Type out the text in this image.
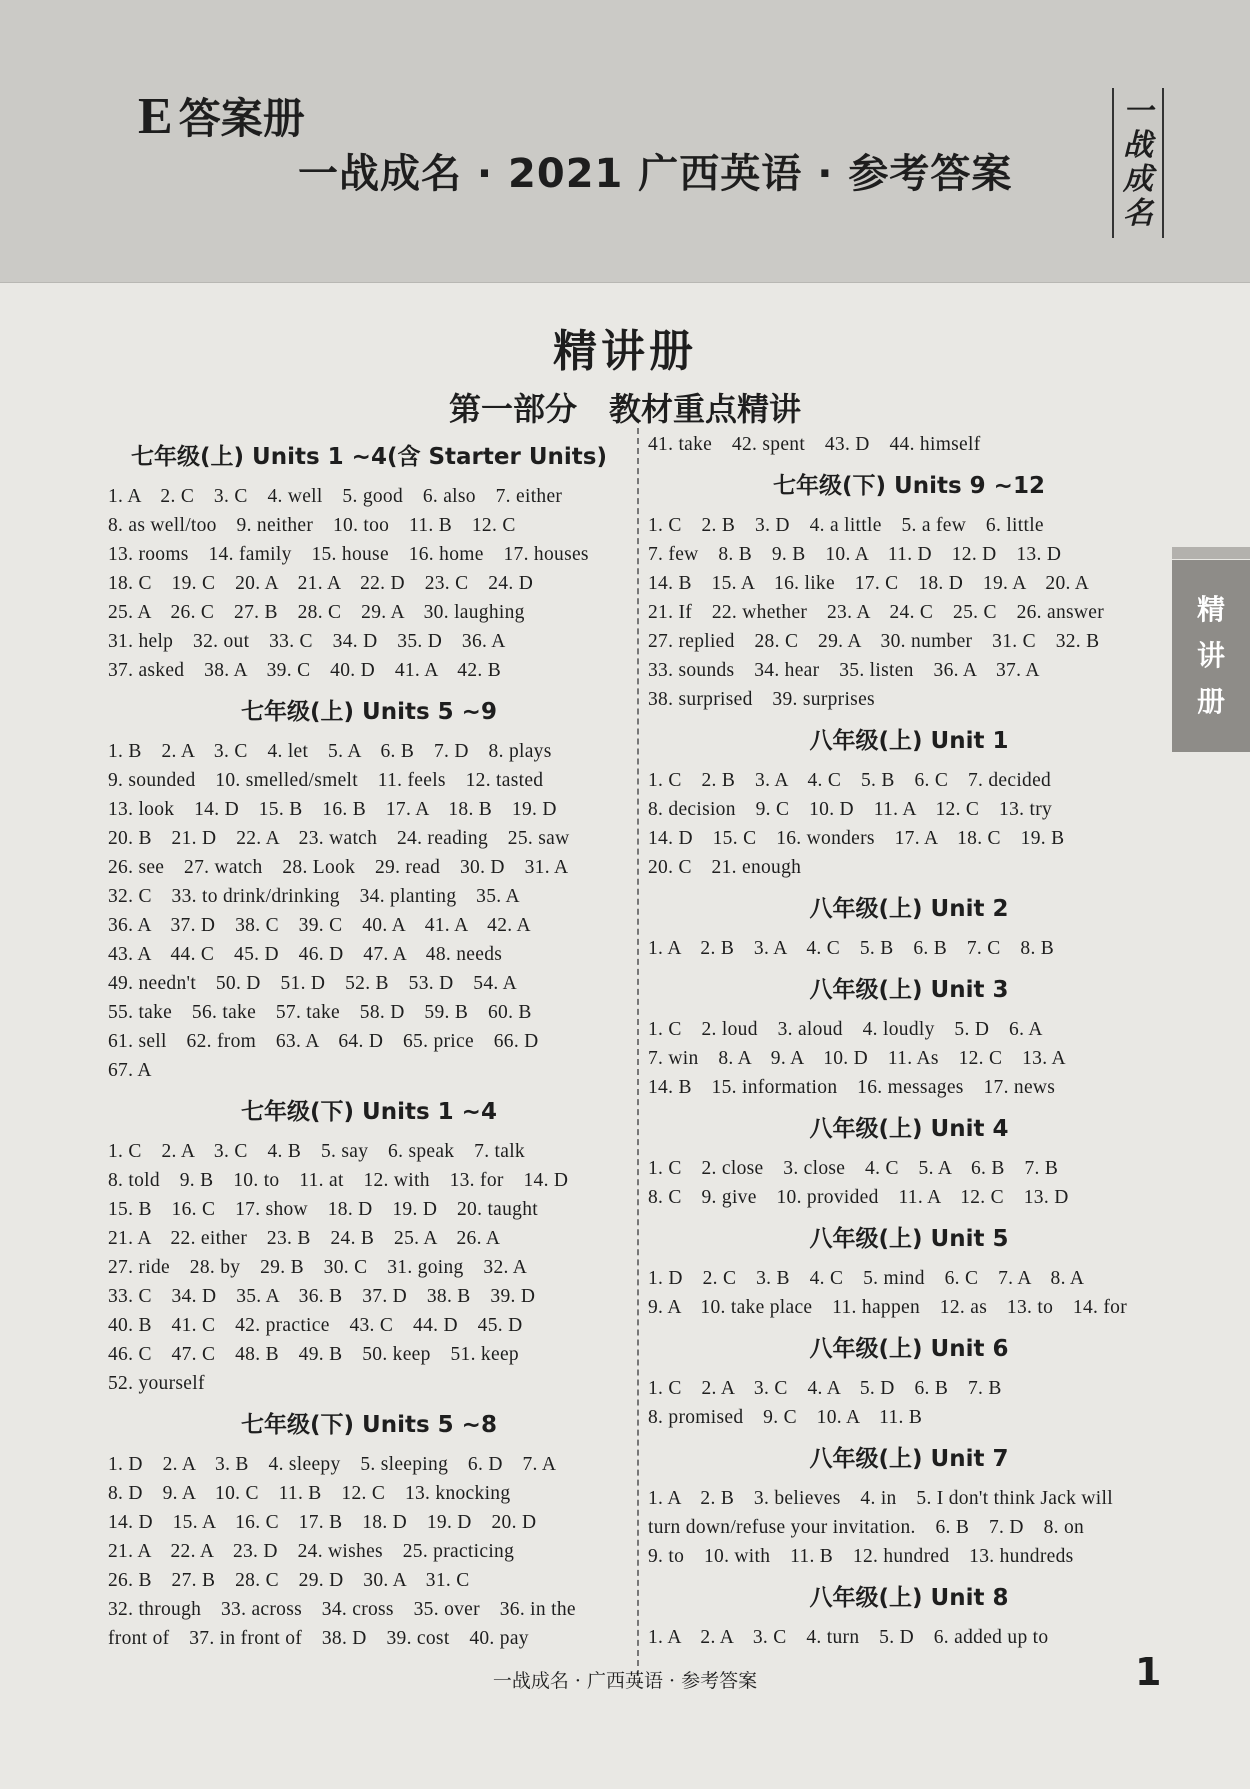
E 答案册
一战成名 · 2021 广西英语 · 参考答案
一
战
成
名
精讲册
第一部分　教材重点精讲
七年级(上) Units 1 ~4(含 Starter Units)
1. A　2. C　3. C　4. well　5. good　6. also　7. either
8. as well/too　9. neither　10. too　11. B　12. C
13. rooms　14. family　15. house　16. home　17. houses
18. C　19. C　20. A　21. A　22. D　23. C　24. D
25. A　26. C　27. B　28. C　29. A　30. laughing
31. help　32. out　33. C　34. D　35. D　36. A
37. asked　38. A　39. C　40. D　41. A　42. B
七年级(上) Units 5 ~9
1. B　2. A　3. C　4. let　5. A　6. B　7. D　8. plays
9. sounded　10. smelled/smelt　11. feels　12. tasted
13. look　14. D　15. B　16. B　17. A　18. B　19. D
20. B　21. D　22. A　23. watch　24. reading　25. saw
26. see　27. watch　28. Look　29. read　30. D　31. A
32. C　33. to drink/drinking　34. planting　35. A
36. A　37. D　38. C　39. C　40. A　41. A　42. A
43. A　44. C　45. D　46. D　47. A　48. needs
49. needn't　50. D　51. D　52. B　53. D　54. A
55. take　56. take　57. take　58. D　59. B　60. B
61. sell　62. from　63. A　64. D　65. price　66. D
67. A
七年级(下) Units 1 ~4
1. C　2. A　3. C　4. B　5. say　6. speak　7. talk
8. told　9. B　10. to　11. at　12. with　13. for　14. D
15. B　16. C　17. show　18. D　19. D　20. taught
21. A　22. either　23. B　24. B　25. A　26. A
27. ride　28. by　29. B　30. C　31. going　32. A
33. C　34. D　35. A　36. B　37. D　38. B　39. D
40. B　41. C　42. practice　43. C　44. D　45. D
46. C　47. C　48. B　49. B　50. keep　51. keep
52. yourself
七年级(下) Units 5 ~8
1. D　2. A　3. B　4. sleepy　5. sleeping　6. D　7. A
8. D　9. A　10. C　11. B　12. C　13. knocking
14. D　15. A　16. C　17. B　18. D　19. D　20. D
21. A　22. A　23. D　24. wishes　25. practicing
26. B　27. B　28. C　29. D　30. A　31. C
32. through　33. across　34. cross　35. over　36. in the
front of　37. in front of　38. D　39. cost　40. pay
41. take　42. spent　43. D　44. himself
七年级(下) Units 9 ~12
1. C　2. B　3. D　4. a little　5. a few　6. little
7. few　8. B　9. B　10. A　11. D　12. D　13. D
14. B　15. A　16. like　17. C　18. D　19. A　20. A
21. If　22. whether　23. A　24. C　25. C　26. answer
27. replied　28. C　29. A　30. number　31. C　32. B
33. sounds　34. hear　35. listen　36. A　37. A
38. surprised　39. surprises
八年级(上) Unit 1
1. C　2. B　3. A　4. C　5. B　6. C　7. decided
8. decision　9. C　10. D　11. A　12. C　13. try
14. D　15. C　16. wonders　17. A　18. C　19. B
20. C　21. enough
八年级(上) Unit 2
1. A　2. B　3. A　4. C　5. B　6. B　7. C　8. B
八年级(上) Unit 3
1. C　2. loud　3. aloud　4. loudly　5. D　6. A
7. win　8. A　9. A　10. D　11. As　12. C　13. A
14. B　15. information　16. messages　17. news
八年级(上) Unit 4
1. C　2. close　3. close　4. C　5. A　6. B　7. B
8. C　9. give　10. provided　11. A　12. C　13. D
八年级(上) Unit 5
1. D　2. C　3. B　4. C　5. mind　6. C　7. A　8. A
9. A　10. take place　11. happen　12. as　13. to　14. for
八年级(上) Unit 6
1. C　2. A　3. C　4. A　5. D　6. B　7. B
8. promised　9. C　10. A　11. B
八年级(上) Unit 7
1. A　2. B　3. believes　4. in　5. I don't think Jack will
turn down/refuse your invitation.　6. B　7. D　8. on
9. to　10. with　11. B　12. hundred　13. hundreds
八年级(上) Unit 8
1. A　2. A　3. C　4. turn　5. D　6. added up to
精
讲
册
一战成名 · 广西英语 · 参考答案	1
